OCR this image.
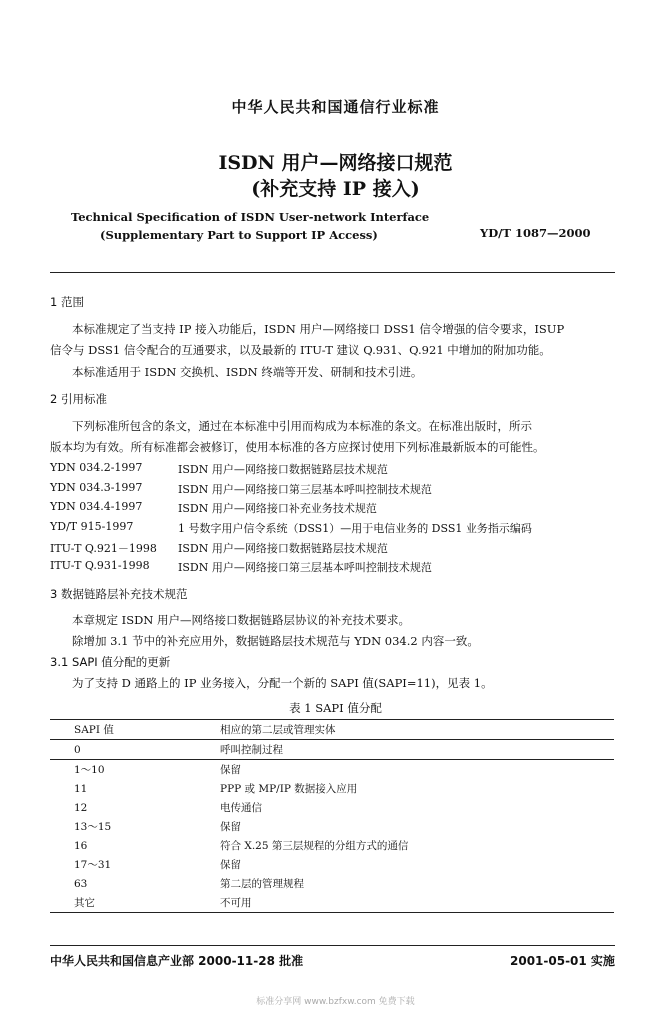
中华人民共和国通信行业标准
ISDN 用户—网络接口规范
(补充支持 IP 接入)
Technical Specification of ISDN User-network Interface
(Supplementary Part to Support IP Access)	YD/T 1087—2000
1 范围
本标准规定了当支持 IP 接入功能后，ISDN 用户—网络接口 DSS1 信令增强的信令要求，ISUP
信令与 DSS1 信令配合的互通要求，以及最新的 ITU-T 建议 Q.931、Q.921 中增加的附加功能。
本标准适用于 ISDN 交换机、ISDN 终端等开发、研制和技术引进。
2 引用标准
下列标准所包含的条文，通过在本标准中引用而构成为本标准的条文。在标准出版时，所示
版本均为有效。所有标准都会被修订，使用本标准的各方应探讨使用下列标准最新版本的可能性。
YDN 034.2-1997	ISDN 用户—网络接口数据链路层技术规范
YDN 034.3-1997	ISDN 用户—网络接口第三层基本呼叫控制技术规范
YDN 034.4-1997	ISDN 用户—网络接口补充业务技术规范
YD/T 915-1997	1 号数字用户信令系统（DSS1）—用于电信业务的 DSS1 业务指示编码
ITU-T Q.921－1998 ISDN 用户—网络接口数据链路层技术规范
ITU-T Q.931-1998	ISDN 用户—网络接口第三层基本呼叫控制技术规范
3 数据链路层补充技术规范
本章规定 ISDN 用户—网络接口数据链路层协议的补充技术要求。
除增加 3.1 节中的补充应用外，数据链路层技术规范与 YDN 034.2 内容一致。
3.1 SAPI 值分配的更新
为了支持 D 通路上的 IP 业务接入，分配一个新的 SAPI 值(SAPI=11)，见表 1。
表 1 SAPI 值分配
SAPI 值	相应的第二层或管理实体
0	呼叫控制过程
1～10	保留
11	PPP 或 MP/IP 数据接入应用
12	电传通信
13～15	保留
16	符合 X.25 第三层规程的分组方式的通信
17～31	保留
63	第二层的管理规程
其它	不可用
中华人民共和国信息产业部 2000-11-28 批准	2001-05-01 实施
标准分享网 www.bzfxw.com 免费下载
